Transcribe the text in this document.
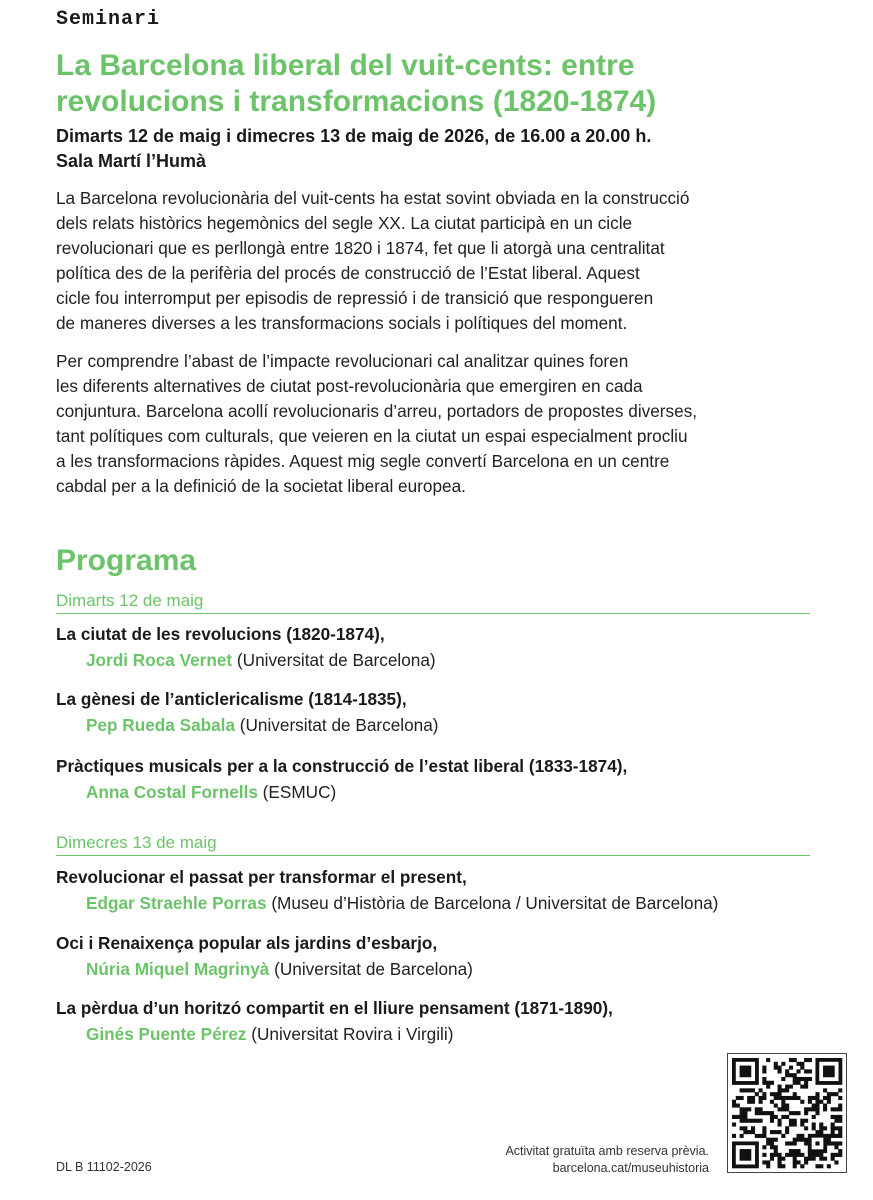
Seminari
La Barcelona liberal del vuit-cents: entre
revolucions i transformacions (1820-1874)
Dimarts 12 de maig i dimecres 13 de maig de 2026, de 16.00 a 20.00 h.
Sala Martí l’Humà

La Barcelona revolucionària del vuit-cents ha estat sovint obviada en la construcció
dels relats històrics hegemònics del segle XX. La ciutat participà en un cicle
revolucionari que es perllongà entre 1820 i 1874, fet que li atorgà una centralitat
política des de la perifèria del procés de construcció de l’Estat liberal. Aquest
cicle fou interromput per episodis de repressió i de transició que respongueren
de maneres diverses a les transformacions socials i polítiques del moment.

Per comprendre l’abast de l’impacte revolucionari cal analitzar quines foren
les diferents alternatives de ciutat post-revolucionària que emergiren en cada
conjuntura. Barcelona acollí revolucionaris d’arreu, portadors de propostes diverses,
tant polítiques com culturals, que veieren en la ciutat un espai especialment procliu
a les transformacions ràpides. Aquest mig segle convertí Barcelona en un centre
cabdal per a la definició de la societat liberal europea.

Programa
Dimarts 12 de maig
La ciutat de les revolucions (1820-1874),
Jordi Roca Vernet (Universitat de Barcelona)
La gènesi de l’anticlericalisme (1814-1835),
Pep Rueda Sabala (Universitat de Barcelona)
Pràctiques musicals per a la construcció de l’estat liberal (1833-1874),
Anna Costal Fornells (ESMUC)
Dimecres 13 de maig
Revolucionar el passat per transformar el present,
Edgar Straehle Porras (Museu d’Història de Barcelona / Universitat de Barcelona)
Oci i Renaixença popular als jardins d’esbarjo,
Núria Miquel Magrinyà (Universitat de Barcelona)
La pèrdua d’un horitzó compartit en el lliure pensament (1871-1890),
Ginés Puente Pérez (Universitat Rovira i Virgili)
DL B 11102-2026
Activitat gratuïta amb reserva prèvia.
barcelona.cat/museuhistoria
